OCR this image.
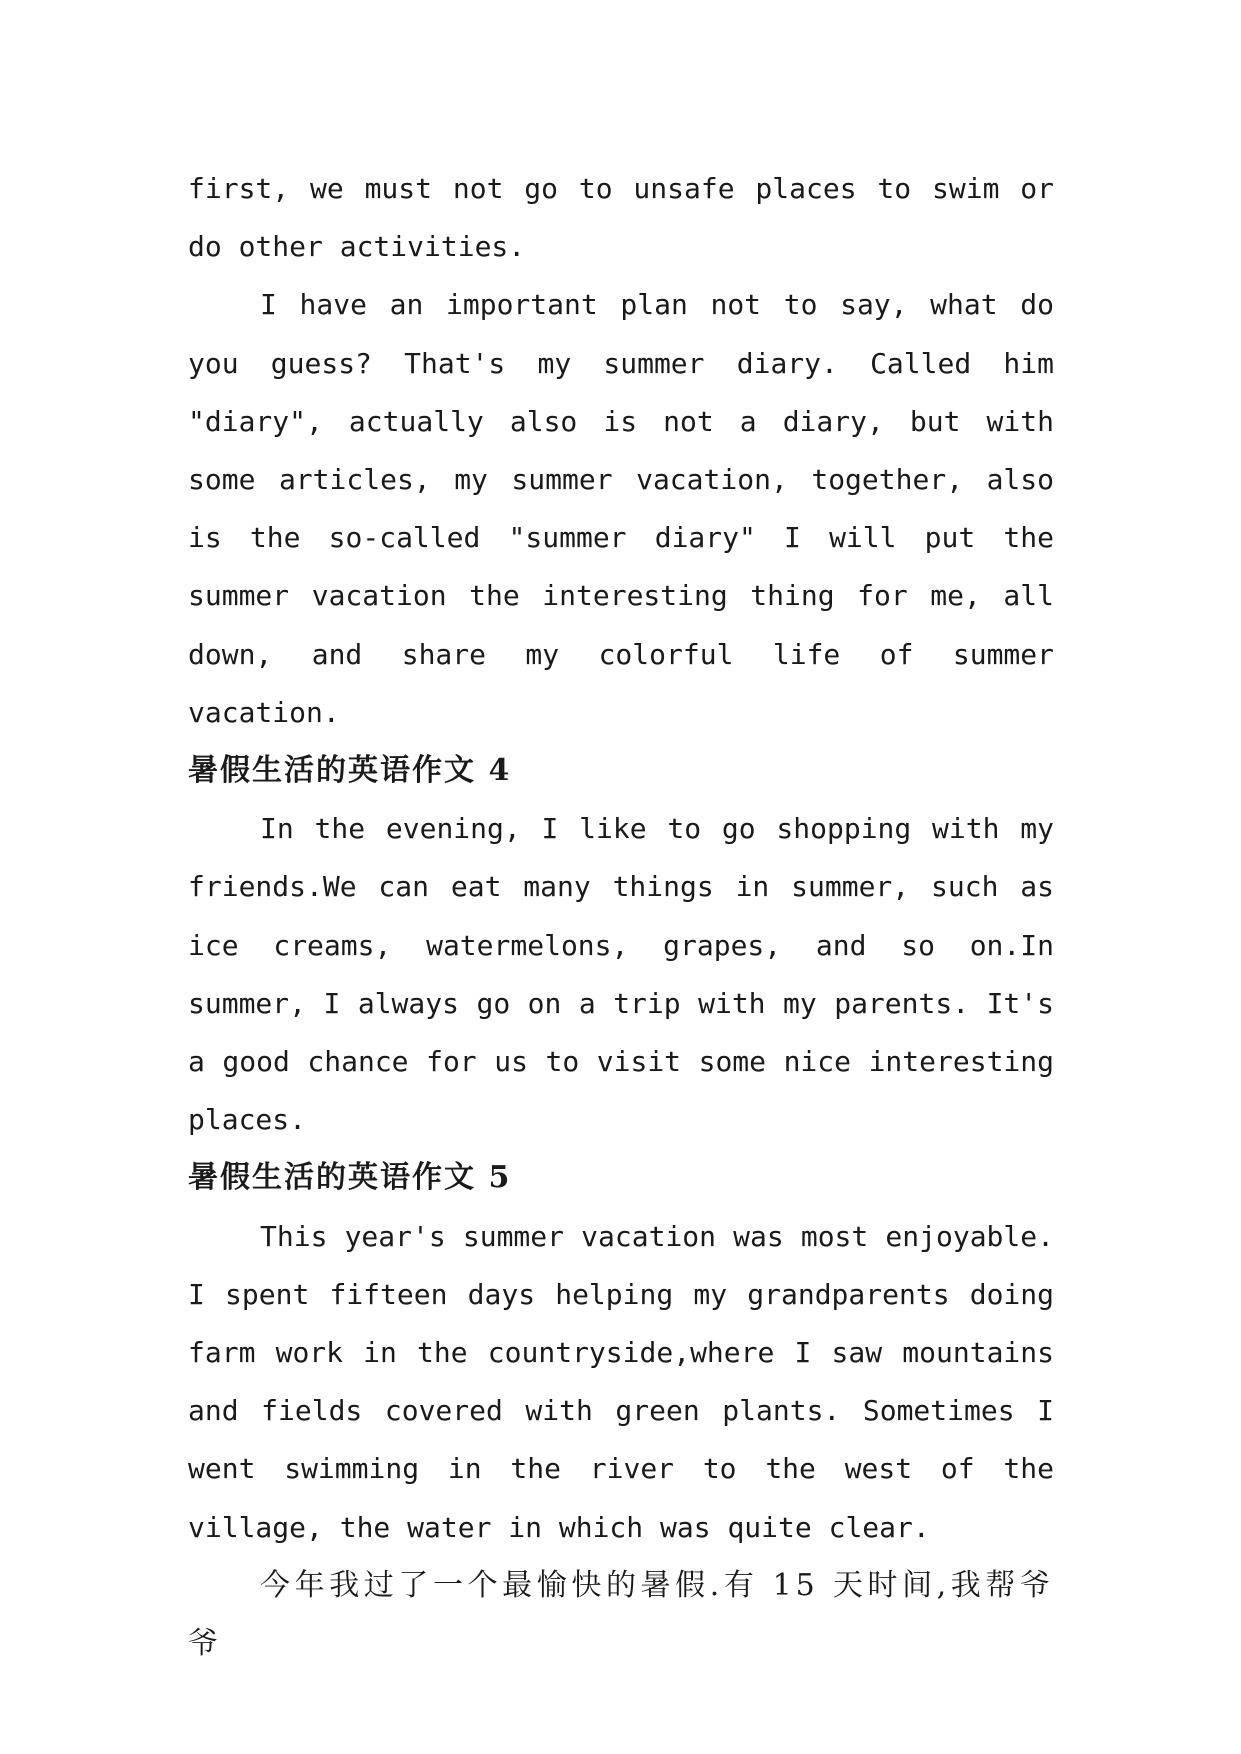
first, we must not go to unsafe places to swim or do other activities.

I have an important plan not to say, what do you guess? That's my summer diary. Called him "diary", actually also is not a diary, but with some articles, my summer vacation, together, also is the so-called "summer diary" I will put the summer vacation the interesting thing for me, all down, and share my colorful life of summer vacation.

暑假生活的英语作文 4

In the evening, I like to go shopping with my friends.We can eat many things in summer, such as ice creams, watermelons, grapes, and so on.In summer, I always go on a trip with my parents. It's a good chance for us to visit some nice interesting places.

暑假生活的英语作文 5

This year's summer vacation was most enjoyable. I spent fifteen days helping my grandparents doing farm work in the countryside,where I saw mountains and fields covered with green plants. Sometimes I went swimming in the river to the west of the village, the water in which was quite clear.

今年我过了一个最愉快的暑假.有 15 天时间,我帮爷爷
